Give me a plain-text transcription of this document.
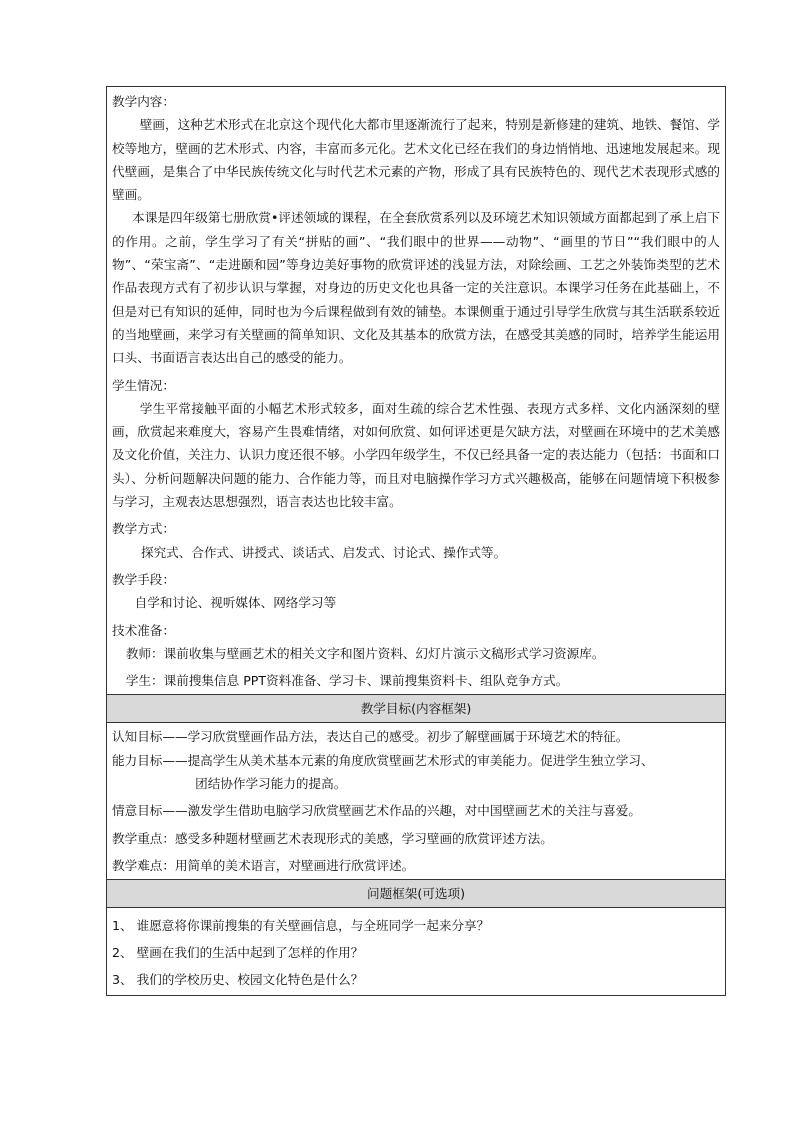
教学内容：

壁画，这种艺术形式在北京这个现代化大都市里逐渐流行了起来，特别是新修建的建筑、地铁、餐馆、学校等地方，壁画的艺术形式、内容，丰富而多元化。艺术文化已经在我们的身边悄悄地、迅速地发展起来。现代壁画，是集合了中华民族传统文化与时代艺术元素的产物，形成了具有民族特色的、现代艺术表现形式感的壁画。

本课是四年级第七册欣赏•评述领域的课程，在全套欣赏系列以及环境艺术知识领域方面都起到了承上启下的作用。之前，学生学习了有关“拼贴的画”、“我们眼中的世界——动物”、“画里的节日”“我们眼中的人物”、“荣宝斋”、“走进颐和园”等身边美好事物的欣赏评述的浅显方法，对除绘画、工艺之外装饰类型的艺术作品表现方式有了初步认识与掌握，对身边的历史文化也具备一定的关注意识。本课学习任务在此基础上，不但是对已有知识的延伸，同时也为今后课程做到有效的铺垫。本课侧重于通过引导学生欣赏与其生活联系较近的当地壁画，来学习有关壁画的简单知识、文化及其基本的欣赏方法，在感受其美感的同时，培养学生能运用口头、书面语言表达出自己的感受的能力。

学生情况：

学生平常接触平面的小幅艺术形式较多，面对生疏的综合艺术性强、表现方式多样、文化内涵深刻的壁画，欣赏起来难度大，容易产生畏难情绪，对如何欣赏、如何评述更是欠缺方法，对壁画在环境中的艺术美感及文化价值，关注力、认识力度还很不够。小学四年级学生，不仅已经具备一定的表达能力（包括：书面和口头）、分析问题解决问题的能力、合作能力等，而且对电脑操作学习方式兴趣极高，能够在问题情境下积极参与学习，主观表达思想强烈，语言表达也比较丰富。

教学方式：

探究式、合作式、讲授式、谈话式、启发式、讨论式、操作式等。

教学手段：

自学和讨论、视听媒体、网络学习等

技术准备：

教师：课前收集与壁画艺术的相关文字和图片资料、幻灯片演示文稿形式学习资源库。

学生：课前搜集信息 PPT资料准备、学习卡、课前搜集资料卡、组队竞争方式。

教学目标(内容框架)

认知目标——学习欣赏壁画作品方法，表达自己的感受。初步了解壁画属于环境艺术的特征。

能力目标——提高学生从美术基本元素的角度欣赏壁画艺术形式的审美能力。促进学生独立学习、

团结协作学习能力的提高。

情意目标——激发学生借助电脑学习欣赏壁画艺术作品的兴趣，对中国壁画艺术的关注与喜爱。

教学重点：感受多种题材壁画艺术表现形式的美感，学习壁画的欣赏评述方法。

教学难点：用简单的美术语言，对壁画进行欣赏评述。

问题框架(可选项)

1、 谁愿意将你课前搜集的有关壁画信息，与全班同学一起来分享？

2、 壁画在我们的生活中起到了怎样的作用？

3、 我们的学校历史、校园文化特色是什么？
